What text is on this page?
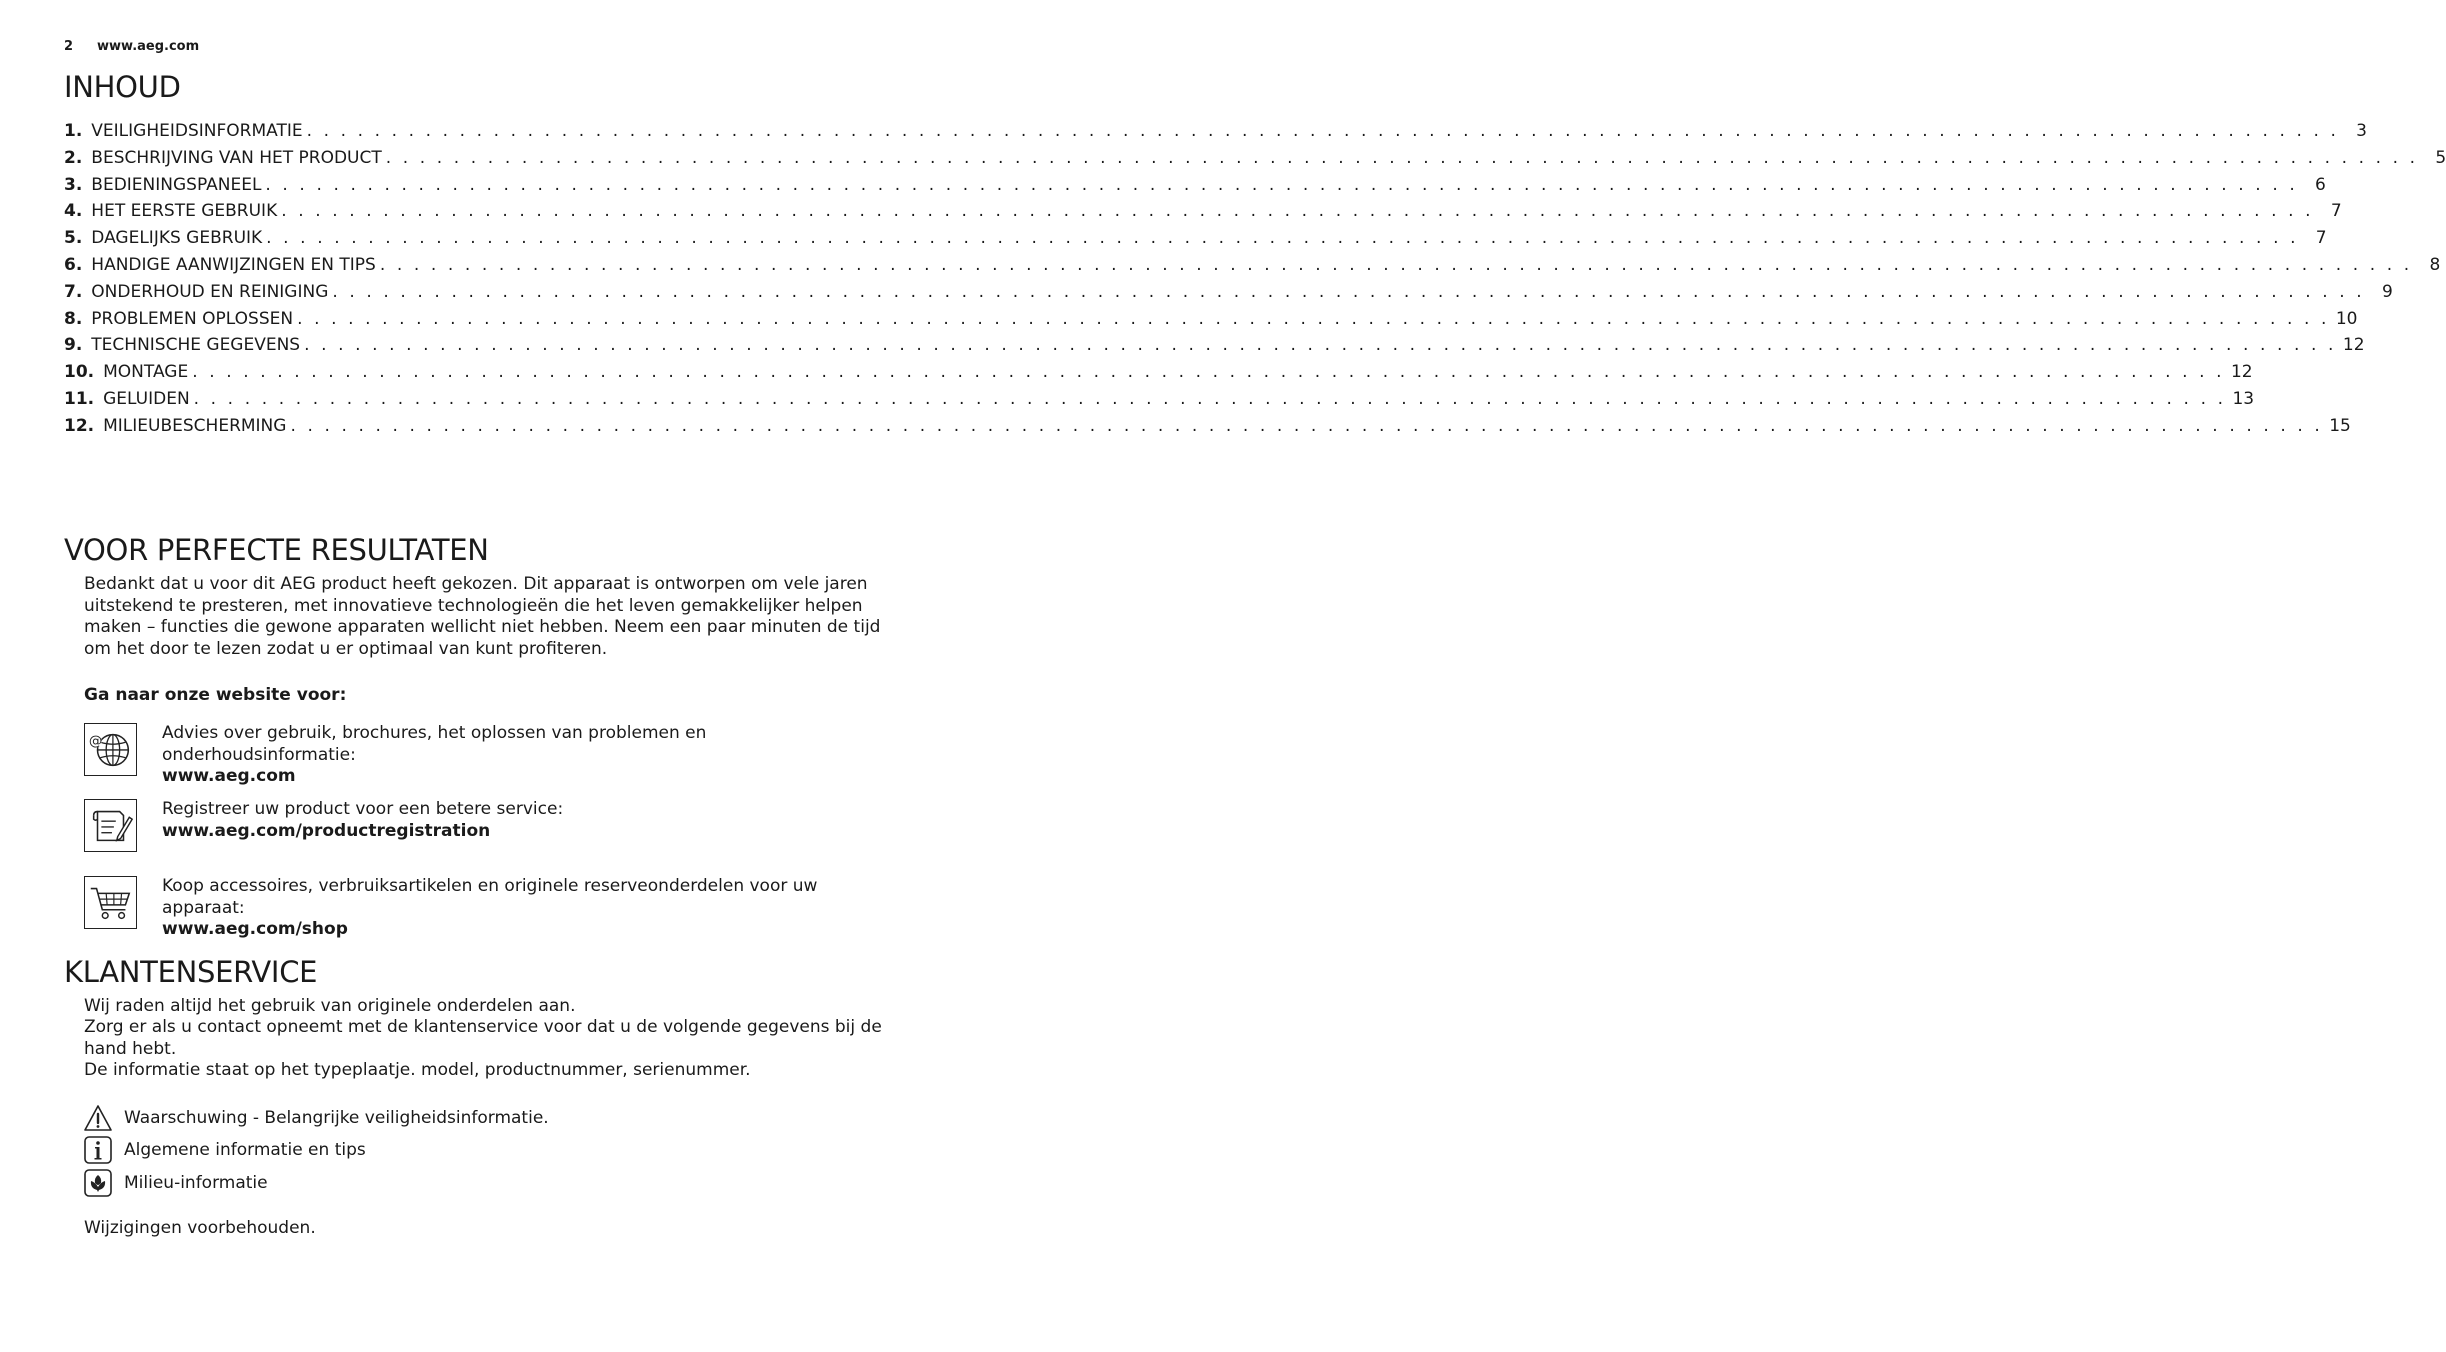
2 www.aeg.com
INHOUD
1. VEILIGHEIDSINFORMATIE . . . . . . . . . . . . . . . . . . . . . . . . . . . . . . . . . . . . . . . . . . . . . . . . . . . . . . . . . . . . . . . . . . . . . . . . . . . . . . . . . . . . . . . . . . . . . . . . . . . . . . . . . . . . . . . . . . . . . . . .	3
2. BESCHRIJVING VAN HET PRODUCT . . . . . . . . . . . . . . . . . . . . . . . . . . . . . . . . . . . . . . . . . . . . . . . . . . . . . . . . . . . . . . . . . . . . . . . . . . . . . . . . . . . . . . . . . . . . . . . . . . . . . . . . . . . . . . . . . . . . . . . .	5
3. BEDIENINGSPANEEL . . . . . . . . . . . . . . . . . . . . . . . . . . . . . . . . . . . . . . . . . . . . . . . . . . . . . . . . . . . . . . . . . . . . . . . . . . . . . . . . . . . . . . . . . . . . . . . . . . . . . . . . . . . . . . . . . . . . . . . .	6
4. HET EERSTE GEBRUIK . . . . . . . . . . . . . . . . . . . . . . . . . . . . . . . . . . . . . . . . . . . . . . . . . . . . . . . . . . . . . . . . . . . . . . . . . . . . . . . . . . . . . . . . . . . . . . . . . . . . . . . . . . . . . . . . . . . . . . . .	7
5. DAGELIJKS GEBRUIK . . . . . . . . . . . . . . . . . . . . . . . . . . . . . . . . . . . . . . . . . . . . . . . . . . . . . . . . . . . . . . . . . . . . . . . . . . . . . . . . . . . . . . . . . . . . . . . . . . . . . . . . . . . . . . . . . . . . . . . .	7
6. HANDIGE AANWIJZINGEN EN TIPS . . . . . . . . . . . . . . . . . . . . . . . . . . . . . . . . . . . . . . . . . . . . . . . . . . . . . . . . . . . . . . . . . . . . . . . . . . . . . . . . . . . . . . . . . . . . . . . . . . . . . . . . . . . . . . . . . . . . . . . .	8
7. ONDERHOUD EN REINIGING . . . . . . . . . . . . . . . . . . . . . . . . . . . . . . . . . . . . . . . . . . . . . . . . . . . . . . . . . . . . . . . . . . . . . . . . . . . . . . . . . . . . . . . . . . . . . . . . . . . . . . . . . . . . . . . . . . . . . . . .	9
8. PROBLEMEN OPLOSSEN . . . . . . . . . . . . . . . . . . . . . . . . . . . . . . . . . . . . . . . . . . . . . . . . . . . . . . . . . . . . . . . . . . . . . . . . . . . . . . . . . . . . . . . . . . . . . . . . . . . . . . . . . . . . . . . . . . . . . . . . 10
9. TECHNISCHE GEGEVENS . . . . . . . . . . . . . . . . . . . . . . . . . . . . . . . . . . . . . . . . . . . . . . . . . . . . . . . . . . . . . . . . . . . . . . . . . . . . . . . . . . . . . . . . . . . . . . . . . . . . . . . . . . . . . . . . . . . . . . . . 12
10. MONTAGE . . . . . . . . . . . . . . . . . . . . . . . . . . . . . . . . . . . . . . . . . . . . . . . . . . . . . . . . . . . . . . . . . . . . . . . . . . . . . . . . . . . . . . . . . . . . . . . . . . . . . . . . . . . . . . . . . . . . . . . . 12
11. GELUIDEN . . . . . . . . . . . . . . . . . . . . . . . . . . . . . . . . . . . . . . . . . . . . . . . . . . . . . . . . . . . . . . . . . . . . . . . . . . . . . . . . . . . . . . . . . . . . . . . . . . . . . . . . . . . . . . . . . . . . . . . . 13
12. MILIEUBESCHERMING . . . . . . . . . . . . . . . . . . . . . . . . . . . . . . . . . . . . . . . . . . . . . . . . . . . . . . . . . . . . . . . . . . . . . . . . . . . . . . . . . . . . . . . . . . . . . . . . . . . . . . . . . . . . . . . . . . . . . . . . 15
VOOR PERFECTE RESULTATEN

Bedankt dat u voor dit AEG product heeft gekozen. Dit apparaat is ontworpen om vele jaren uitstekend te presteren, met innovatieve technologieën die het leven gemakkelijker helpen maken – functies die gewone apparaten wellicht niet hebben. Neem een paar minuten de tijd om het door te lezen zodat u er optimaal van kunt profiteren.

Ga naar onze website voor:

@	Advies over gebruik, brochures, het oplossen van problemen en onderhoudsinformatie:
www.aeg.com
Registreer uw product voor een betere service:
www.aeg.com/productregistration
Koop accessoires, verbruiksartikelen en originele reserveonderdelen voor uw apparaat:
www.aeg.com/shop
KLANTENSERVICE

Wij raden altijd het gebruik van originele onderdelen aan.

Zorg er als u contact opneemt met de klantenservice voor dat u de volgende gegevens bij de hand hebt.

De informatie staat op het typeplaatje. model, productnummer, serienummer.

Waarschuwing - Belangrijke veiligheidsinformatie.
Algemene informatie en tips
Milieu-informatie

Wijzigingen voorbehouden.
